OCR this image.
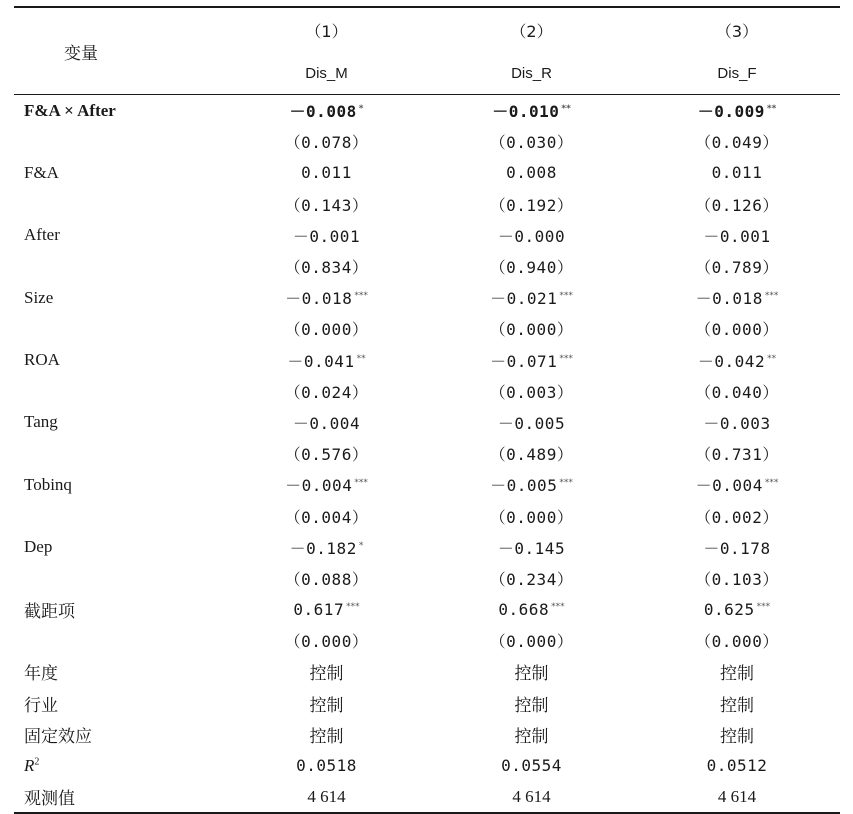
变量	（1）	（2）	（3）
	Dis_M	Dis_R	Dis_F
F&A × After	－0.008 *	－0.010 **	－0.009 **
	（0.078）	（0.030）	（0.049）
F&A	0.011	0.008	0.011
	（0.143）	（0.192）	（0.126）
After	－0.001	－0.000	－0.001
	（0.834）	（0.940）	（0.789）
Size	－0.018 ***	－0.021 ***	－0.018 ***
	（0.000）	（0.000）	（0.000）
ROA	－0.041 **	－0.071 ***	－0.042 **
	（0.024）	（0.003）	（0.040）
Tang	－0.004	－0.005	－0.003
	（0.576）	（0.489）	（0.731）
Tobinq	－0.004 ***	－0.005 ***	－0.004 ***
	（0.004）	（0.000）	（0.002）
Dep	－0.182 *	－0.145	－0.178
	（0.088）	（0.234）	（0.103）
截距项	0.617 ***	0.668 ***	0.625 ***
	（0.000）	（0.000）	（0.000）
年度	控制	控制	控制
行业	控制	控制	控制
固定效应	控制	控制	控制
$R^2$	0.0518	0.0554	0.0512
观测值	4 614	4 614	4 614
